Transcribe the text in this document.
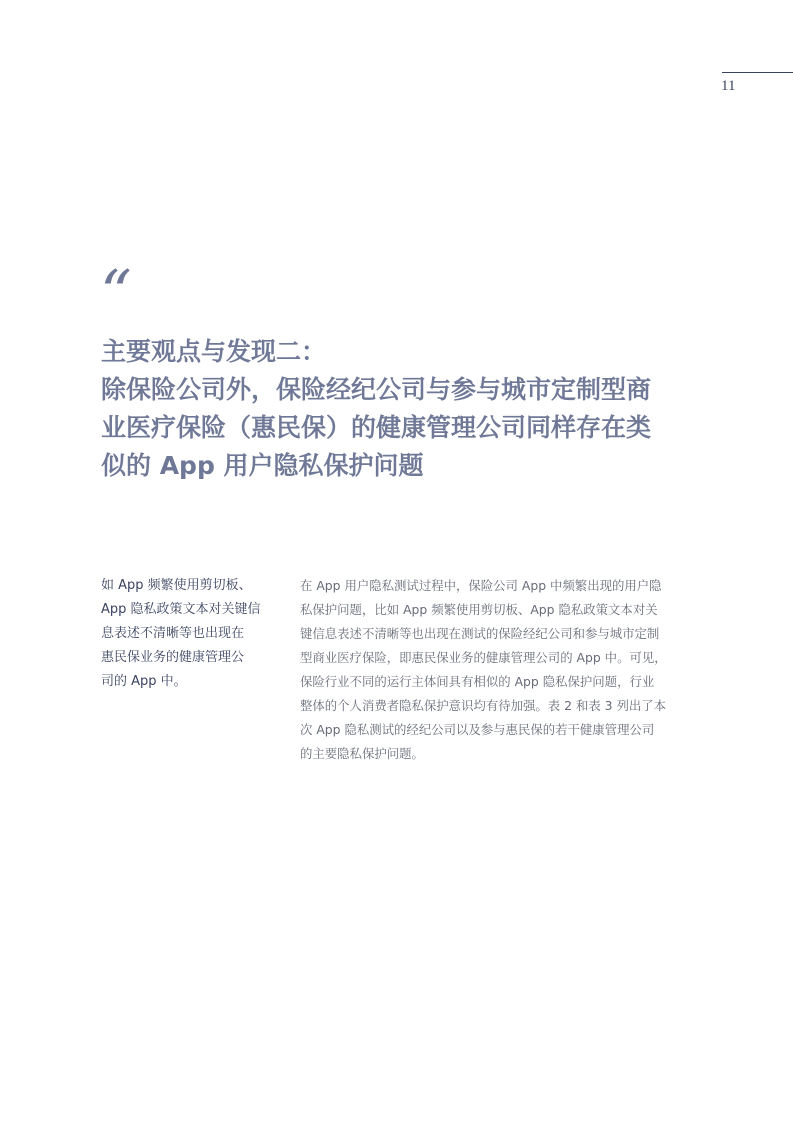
11
“
主要观点与发现二：
除保险公司外，保险经纪公司与参与城市定制型商
业医疗保险（惠民保）的健康管理公司同样存在类
似的 App 用户隐私保护问题
如 App 频繁使用剪切板、
App 隐私政策文本对关键信
息表述不清晰等也出现在
惠民保业务的健康管理公
司的 App 中。
在 App 用户隐私测试过程中，保险公司 App 中频繁出现的用户隐
私保护问题，比如 App 频繁使用剪切板、App 隐私政策文本对关
键信息表述不清晰等也出现在测试的保险经纪公司和参与城市定制
型商业医疗保险，即惠民保业务的健康管理公司的 App 中。可见，
保险行业不同的运行主体间具有相似的 App 隐私保护问题，行业
整体的个人消费者隐私保护意识均有待加强。表 2 和表 3 列出了本
次 App 隐私测试的经纪公司以及参与惠民保的若干健康管理公司
的主要隐私保护问题。
